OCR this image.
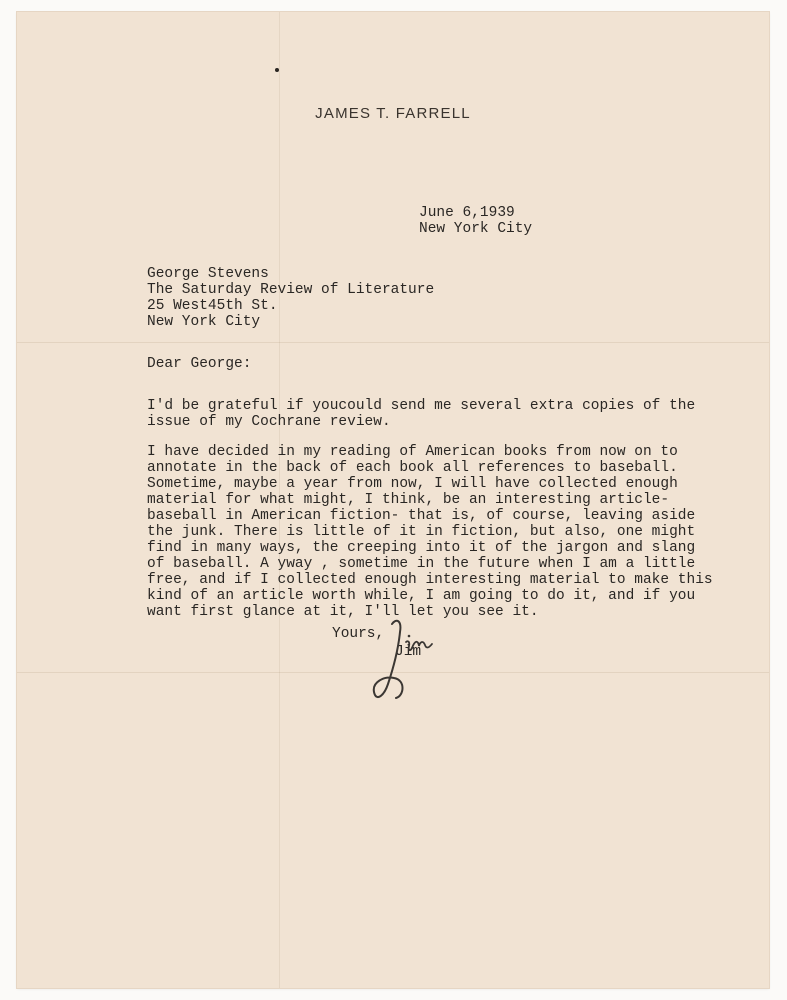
JAMES T. FARRELL

June 6,1939

New York City

George Stevens

The Saturday Review of Literature

25 West45th St.

New York City

Dear George:

I'd be grateful if youcould send me several extra copies of the
issue of my Cochrane review.

I have decided in my reading of American books from now on to
annotate in the back of each book all references to baseball.
Sometime, maybe a year from now, I will have collected enough
material for what might, I think, be an interesting article-
baseball in American fiction- that is, of course, leaving aside
the junk. There is little of it in fiction, but also, one might
find in many ways, the creeping into it of the jargon and slang
of baseball. A yway , sometime in the future when I am a little
free, and if I collected enough interesting material to make this
kind of an article worth while, I am going to do it, and if you
want first glance at it, I'll let you see it.

Yours,

Jim
